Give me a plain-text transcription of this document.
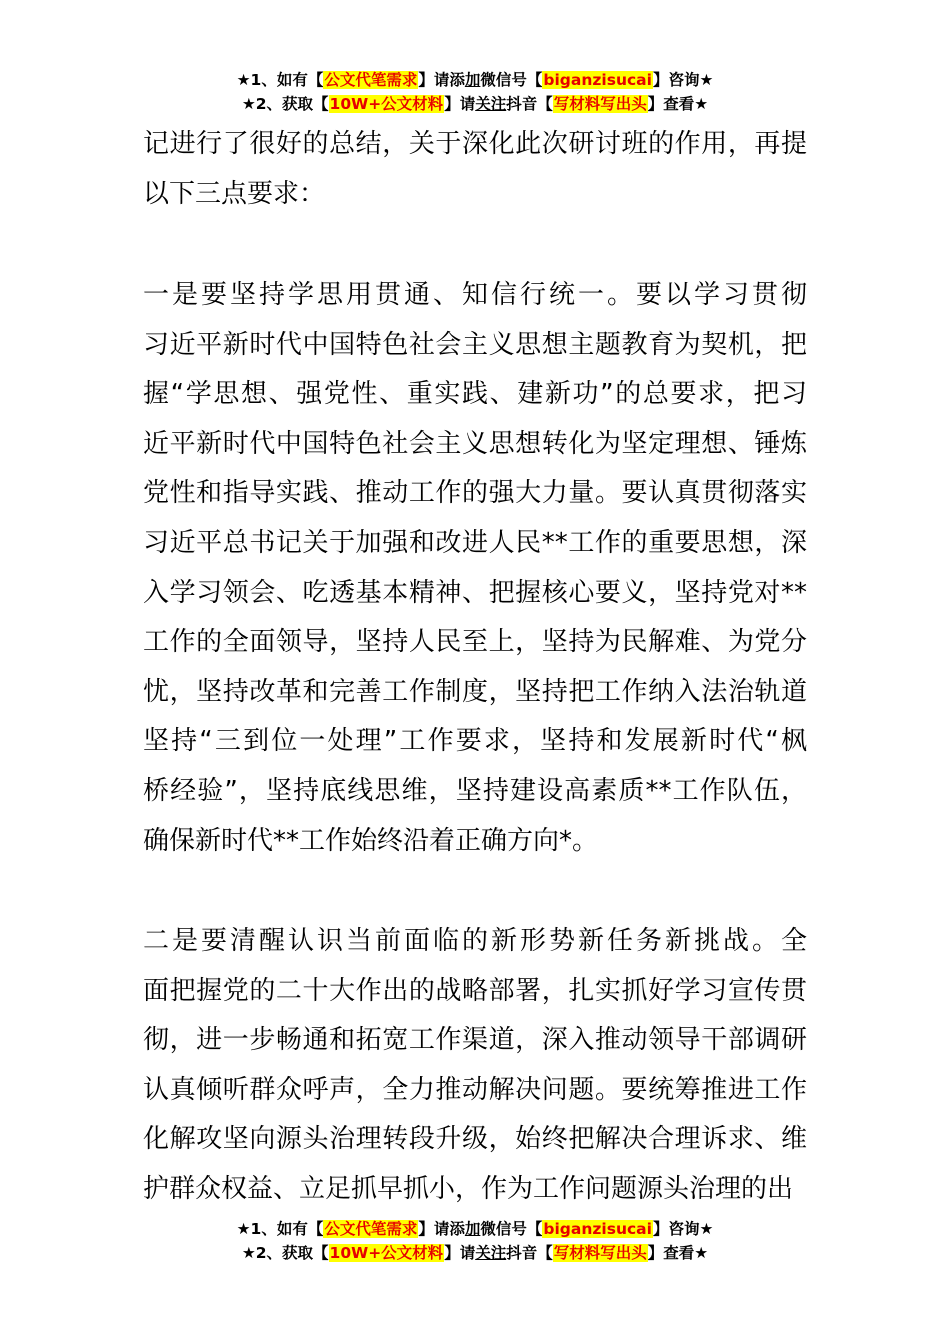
★1、如有【公文代笔需求】请添加微信号【biganzisucai】咨询★
★2、获取【10W+公文材料】请关注抖音【写材料写出头】查看★
记进行了很好的总结，关于深化此次研讨班的作用，再提
以下三点要求：
一是要坚持学思用贯通、知信行统一。要以学习贯彻
习近平新时代中国特色社会主义思想主题教育为契机，把
握“学思想、强党性、重实践、建新功”的总要求，把习
近平新时代中国特色社会主义思想转化为坚定理想、锤炼
党性和指导实践、推动工作的强大力量。要认真贯彻落实
习近平总书记关于加强和改进人民**工作的重要思想，深
入学习领会、吃透基本精神、把握核心要义，坚持党对**
工作的全面领导，坚持人民至上，坚持为民解难、为党分
忧，坚持改革和完善工作制度，坚持把工作纳入法治轨道
坚持“三到位一处理”工作要求，坚持和发展新时代“枫
桥经验”，坚持底线思维，坚持建设高素质**工作队伍，
确保新时代**工作始终沿着正确方向*。
二是要清醒认识当前面临的新形势新任务新挑战。全
面把握党的二十大作出的战略部署，扎实抓好学习宣传贯
彻，进一步畅通和拓宽工作渠道，深入推动领导干部调研
认真倾听群众呼声，全力推动解决问题。要统筹推进工作
化解攻坚向源头治理转段升级，始终把解决合理诉求、维
护群众权益、立足抓早抓小，作为工作问题源头治理的出
★1、如有【公文代笔需求】请添加微信号【biganzisucai】咨询★
★2、获取【10W+公文材料】请关注抖音【写材料写出头】查看★
